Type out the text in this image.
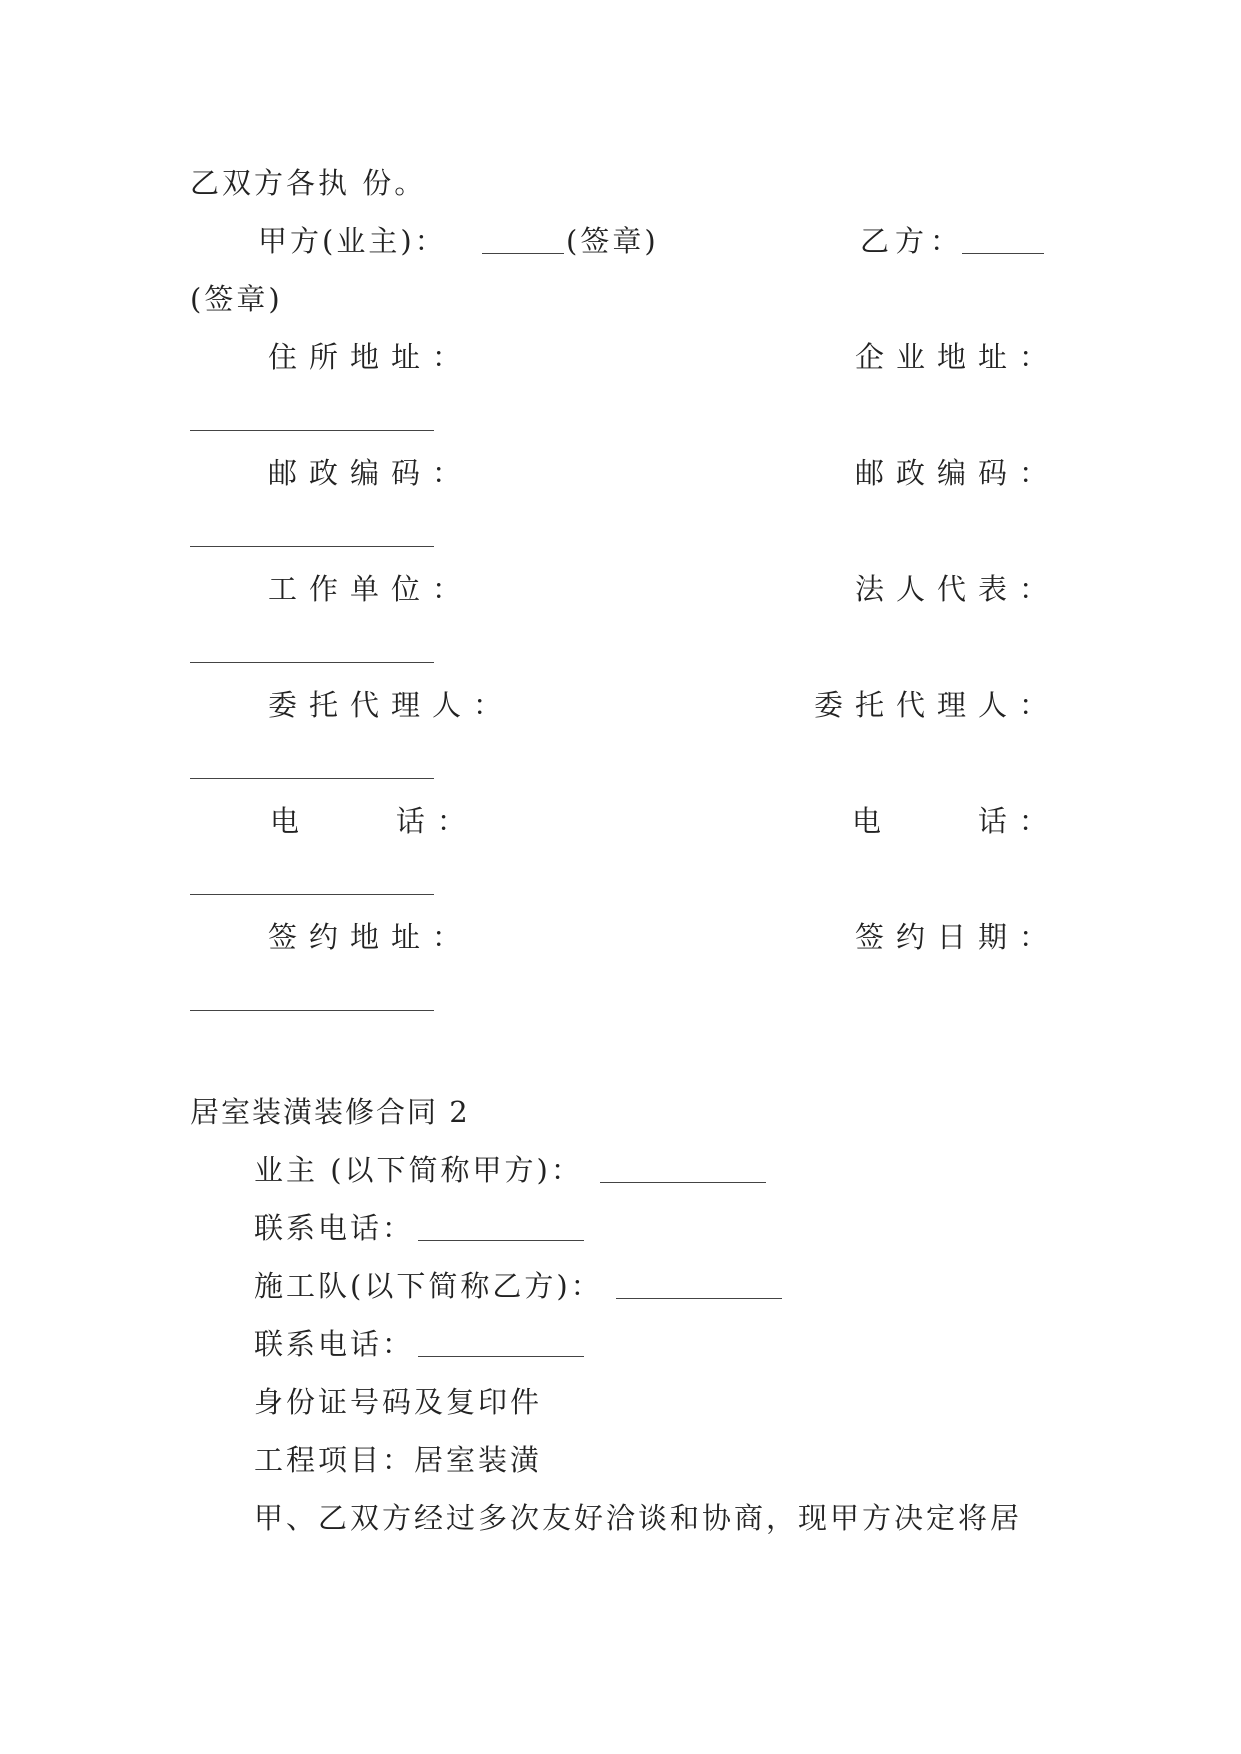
乙双方各执 份。
甲方(业主)：	(签章)	乙方：
(签章)
住所地址：	企业地址：
邮政编码：	邮政编码：
工作单位：	法人代表：
委托代理人：	委托代理人：
电    话：	电    话：
签约地址：	签约日期：
居室装潢装修合同 2
业主 (以下简称甲方)：
联系电话：
施工队(以下简称乙方)：
联系电话：
身份证号码及复印件
工程项目：居室装潢
甲、乙双方经过多次友好洽谈和协商，现甲方决定将居
